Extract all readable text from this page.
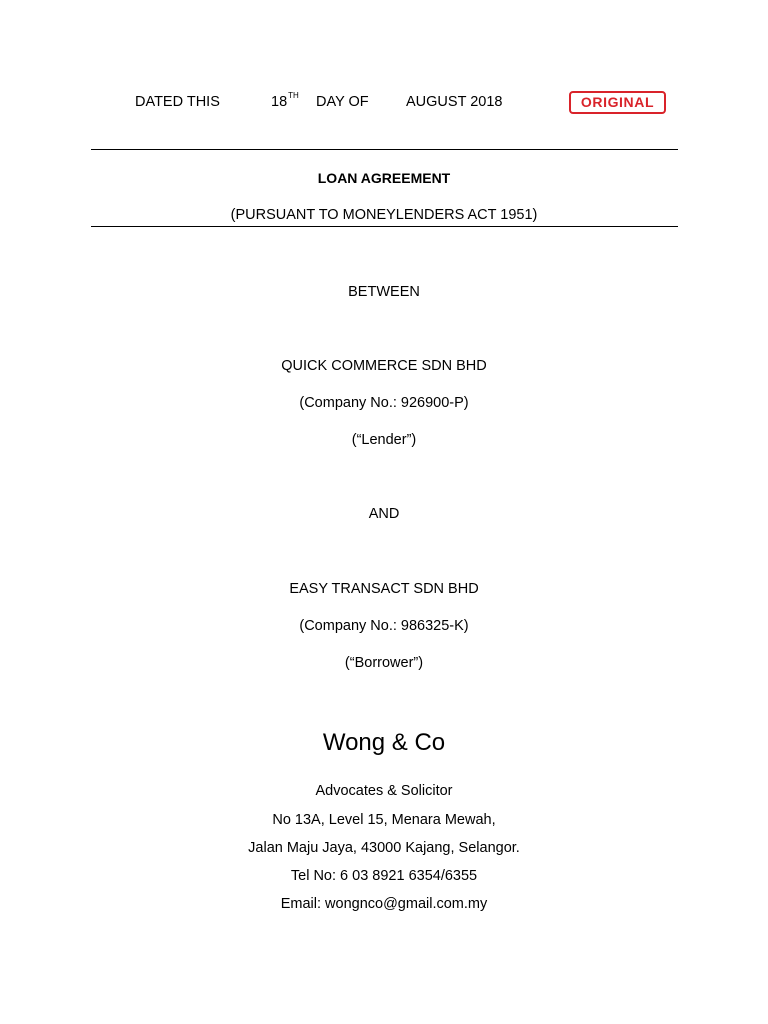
DATED THIS	18TH DAY OF	AUGUST 2018	ORIGINAL
LOAN AGREEMENT
(PURSUANT TO MONEYLENDERS ACT 1951)
BETWEEN
QUICK COMMERCE SDN BHD
(Company No.: 926900-P)
(“Lender”)
AND
EASY TRANSACT SDN BHD
(Company No.: 986325-K)
(“Borrower”)
Wong & Co
Advocates & Solicitor
No 13A, Level 15, Menara Mewah,
Jalan Maju Jaya, 43000 Kajang, Selangor.
Tel No: 6 03 8921 6354/6355
Email: wongnco@gmail.com.my
